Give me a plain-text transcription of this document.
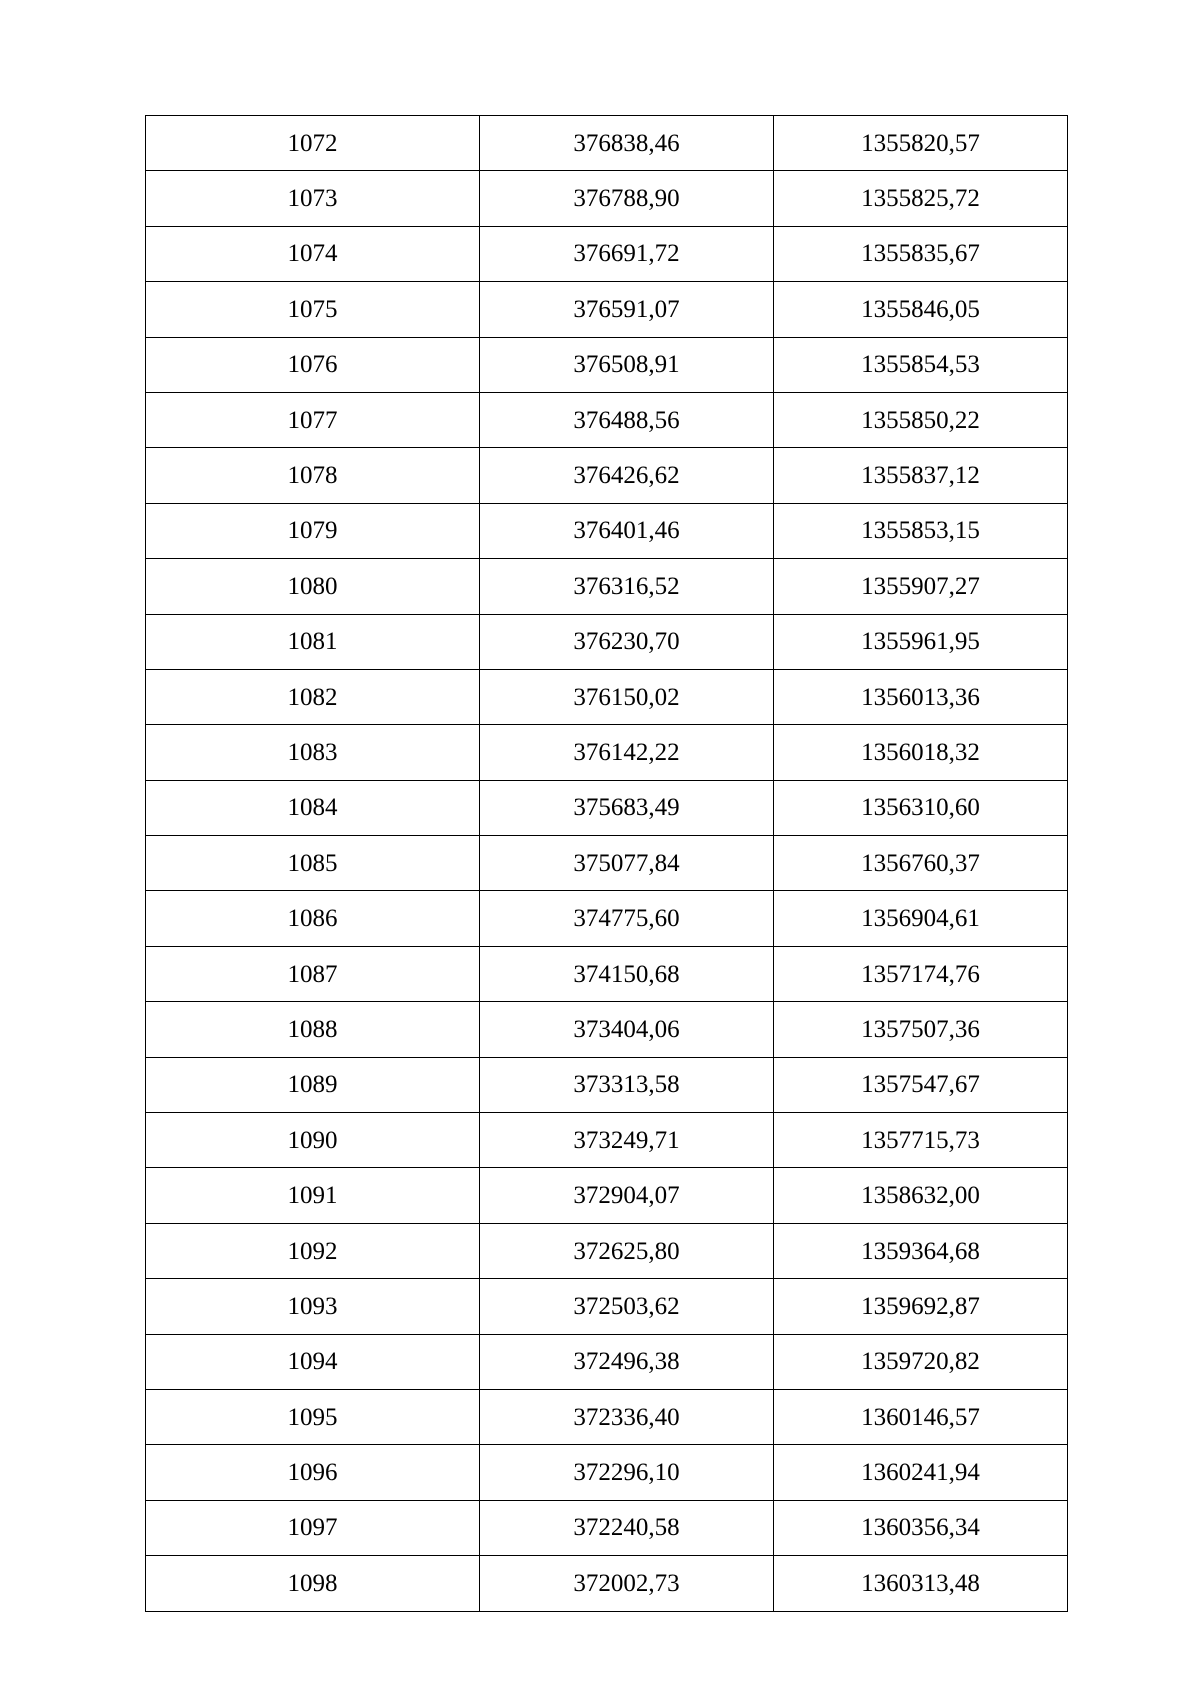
1072	376838,46	1355820,57
1073	376788,90	1355825,72
1074	376691,72	1355835,67
1075	376591,07	1355846,05
1076	376508,91	1355854,53
1077	376488,56	1355850,22
1078	376426,62	1355837,12
1079	376401,46	1355853,15
1080	376316,52	1355907,27
1081	376230,70	1355961,95
1082	376150,02	1356013,36
1083	376142,22	1356018,32
1084	375683,49	1356310,60
1085	375077,84	1356760,37
1086	374775,60	1356904,61
1087	374150,68	1357174,76
1088	373404,06	1357507,36
1089	373313,58	1357547,67
1090	373249,71	1357715,73
1091	372904,07	1358632,00
1092	372625,80	1359364,68
1093	372503,62	1359692,87
1094	372496,38	1359720,82
1095	372336,40	1360146,57
1096	372296,10	1360241,94
1097	372240,58	1360356,34
1098	372002,73	1360313,48
